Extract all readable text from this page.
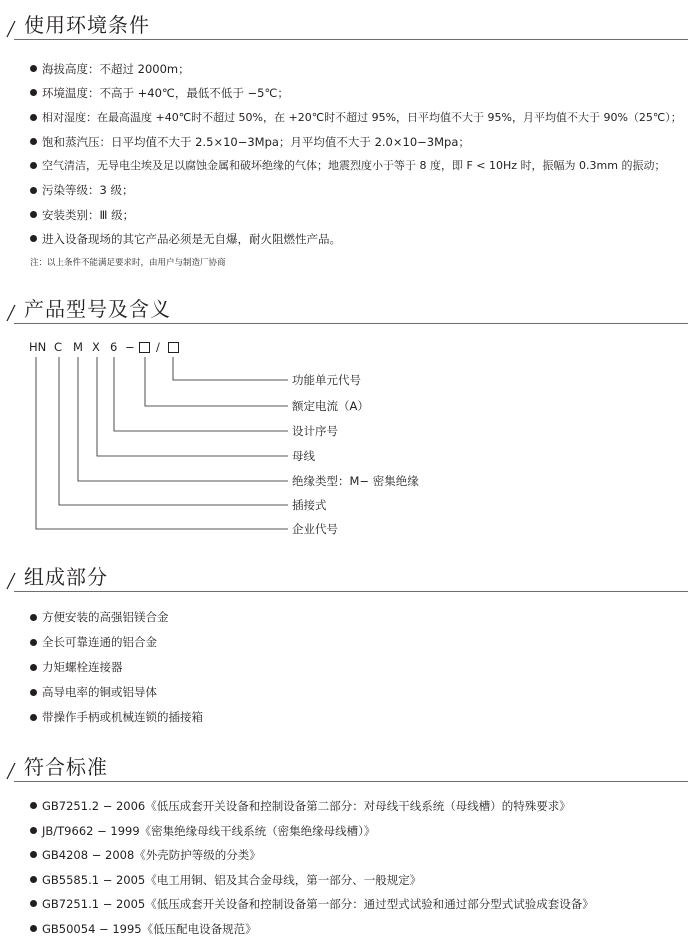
使用环境条件
海拔高度：不超过 2000m；
环境温度：不高于 +40℃，最低不低于 −5℃；
相对湿度：在最高温度 +40℃时不超过 50%，在 +20℃时不超过 95%，日平均值不大于 95%，月平均值不大于 90%（25℃）；
饱和蒸汽压：日平均值不大于 2.5×10−3Mpa；月平均值不大于 2.0×10−3Mpa；
空气清洁，无导电尘埃及足以腐蚀金属和破坏绝缘的气体；地震烈度小于等于 8 度，即 F < 10Hz 时，振幅为 0.3mm 的振动；
污染等级：3 级；
安装类别：Ⅲ 级；
进入设备现场的其它产品必须是无自爆，耐火阻燃性产品。
注：以上条件不能满足要求时，由用户与制造厂协商
产品型号及含义
HN C M X 6 − /
功能单元代号
额定电流（A）
设计序号
母线
绝缘类型：M− 密集绝缘
插接式
企业代号
组成部分
方便安装的高强铝镁合金
全长可靠连通的铝合金
力矩螺栓连接器
高导电率的铜或铝导体
带操作手柄或机械连锁的插接箱
符合标准
GB7251.2 − 2006《低压成套开关设备和控制设备第二部分：对母线干线系统（母线槽）的特殊要求》
JB/T9662 − 1999《密集绝缘母线干线系统（密集绝缘母线槽）》
GB4208 − 2008《外壳防护等级的分类》
GB5585.1 − 2005《电工用铜、铝及其合金母线，第一部分、一般规定》
GB7251.1 − 2005《低压成套开关设备和控制设备第一部分：通过型式试验和通过部分型式试验成套设备》
GB50054 − 1995《低压配电设备规范》
